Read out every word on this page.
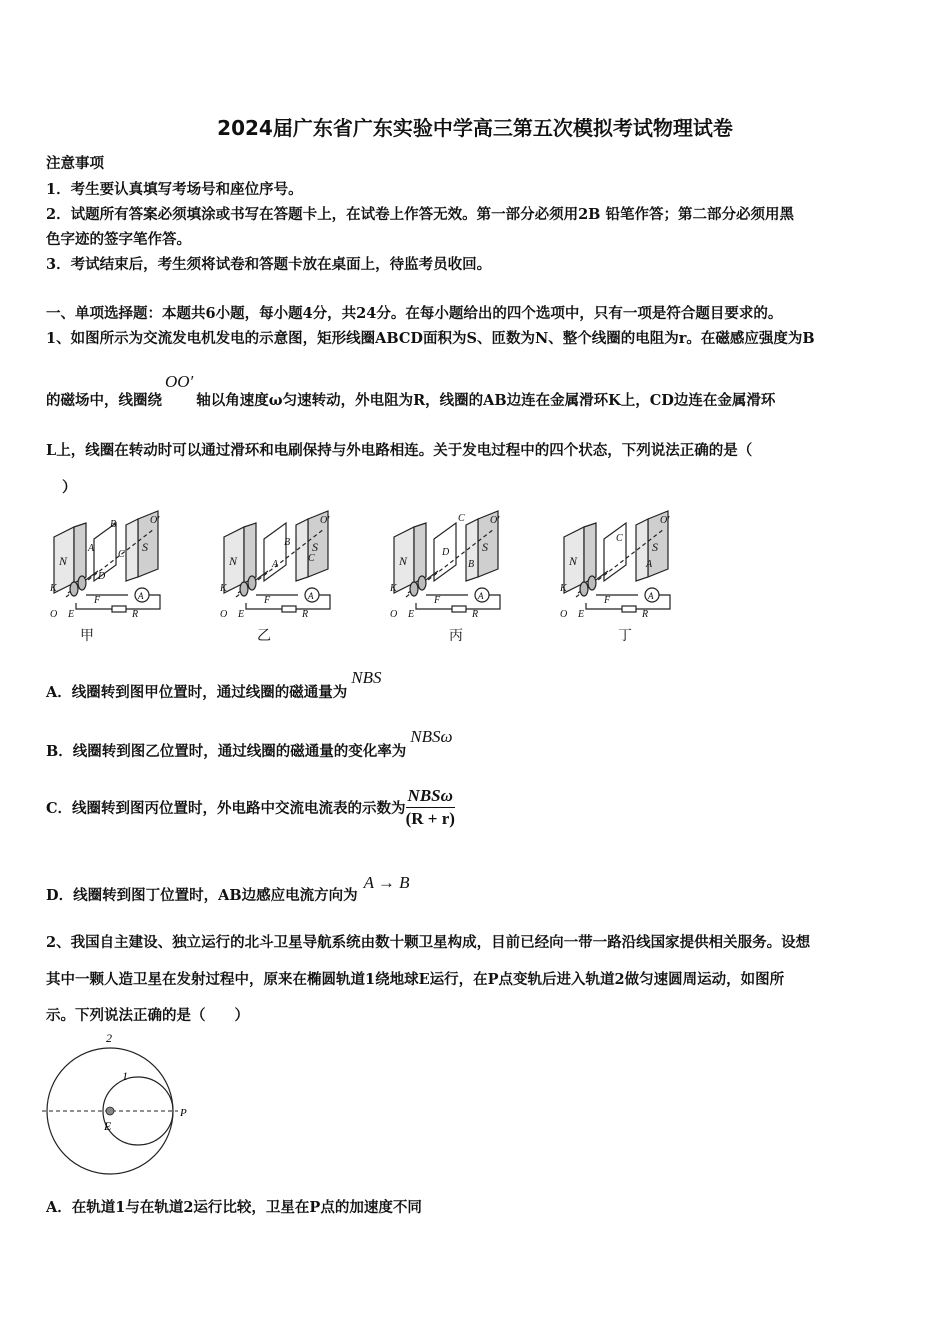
2024届广东省广东实验中学高三第五次模拟考试物理试卷
注意事项
1．考生要认真填写考场号和座位序号。
2．试题所有答案必须填涂或书写在答题卡上，在试卷上作答无效。第一部分必须用2B 铅笔作答；第二部分必须用黑
色字迹的签字笔作答。
3．考试结束后，考生须将试卷和答题卡放在桌面上，待监考员收回。
一、单项选择题：本题共6小题，每小题4分，共24分。在每小题给出的四个选项中，只有一项是符合题目要求的。
1、如图所示为交流发电机发电的示意图，矩形线圈ABCD面积为S、匝数为N、整个线圈的电阻为r。在磁感应强度为B
的磁场中，线圈绕OO′轴以角速度ω匀速转动，外电阻为R，线圈的AB边连在金属滑环K上，CD边连在金属滑环
L上，线圈在转动时可以通过滑环和电刷保持与外电路相连。关于发电过程中的四个状态，下列说法正确的是（
）
N
S
A
K
O E
F
R
O′
B
A
D
C
B
A
C
C
D
B
C
A
甲	乙	丙	丁
A．线圈转到图甲位置时，通过线圈的磁通量为NBS
B．线圈转到图乙位置时，通过线圈的磁通量的变化率为NBSω
C．线圈转到图丙位置时，外电路中交流电流表的示数为 $\frac{\text{NBSω}}{(R + r)}$
D．线圈转到图丁位置时，AB边感应电流方向为A → B
2、我国自主建设、独立运行的北斗卫星导航系统由数十颗卫星构成，目前已经向一带一路沿线国家提供相关服务。设想
其中一颗人造卫星在发射过程中，原来在椭圆轨道1绕地球E运行，在P点变轨后进入轨道2做匀速圆周运动，如图所
示。下列说法正确的是（　　）
2
1
E
P
A．在轨道1与在轨道2运行比较，卫星在P点的加速度不同
